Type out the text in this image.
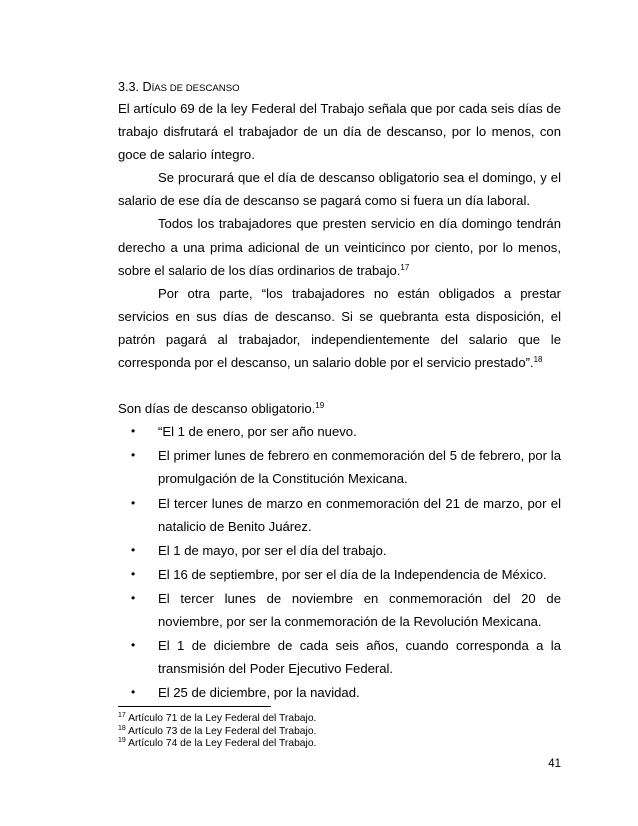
3.3. DÍAS DE DESCANSO

El artículo 69 de la ley Federal del Trabajo señala que por cada seis días de trabajo disfrutará el trabajador de un día de descanso, por lo menos, con goce de salario íntegro.

Se procurará que el día de descanso obligatorio sea el domingo, y el salario de ese día de descanso se pagará como si fuera un día laboral.

Todos los trabajadores que presten servicio en día domingo tendrán derecho a una prima adicional de un veinticinco por ciento, por lo menos, sobre el salario de los días ordinarios de trabajo.$^{17}$

Por otra parte, “los trabajadores no están obligados a prestar servicios en sus días de descanso. Si se quebranta esta disposición, el patrón pagará al trabajador, independientemente del salario que le corresponda por el descanso, un salario doble por el servicio prestado”.$^{18}$

Son días de descanso obligatorio.$^{19}$

• “El 1 de enero, por ser año nuevo.
• El primer lunes de febrero en conmemoración del 5 de febrero, por la promulgación de la Constitución Mexicana.
• El tercer lunes de marzo en conmemoración del 21 de marzo, por el natalicio de Benito Juárez.
• El 1 de mayo, por ser el día del trabajo.
• El 16 de septiembre, por ser el día de la Independencia de México.
• El tercer lunes de noviembre en conmemoración del 20 de noviembre, por ser la conmemoración de la Revolución Mexicana.
• El 1 de diciembre de cada seis años, cuando corresponda a la transmisión del Poder Ejecutivo Federal.
• El 25 de diciembre, por la navidad.
$^{17}$ Artículo 71 de la Ley Federal del Trabajo.
$^{18}$ Artículo 73 de la Ley Federal del Trabajo.
$^{19}$ Artículo 74 de la Ley Federal del Trabajo.
41
